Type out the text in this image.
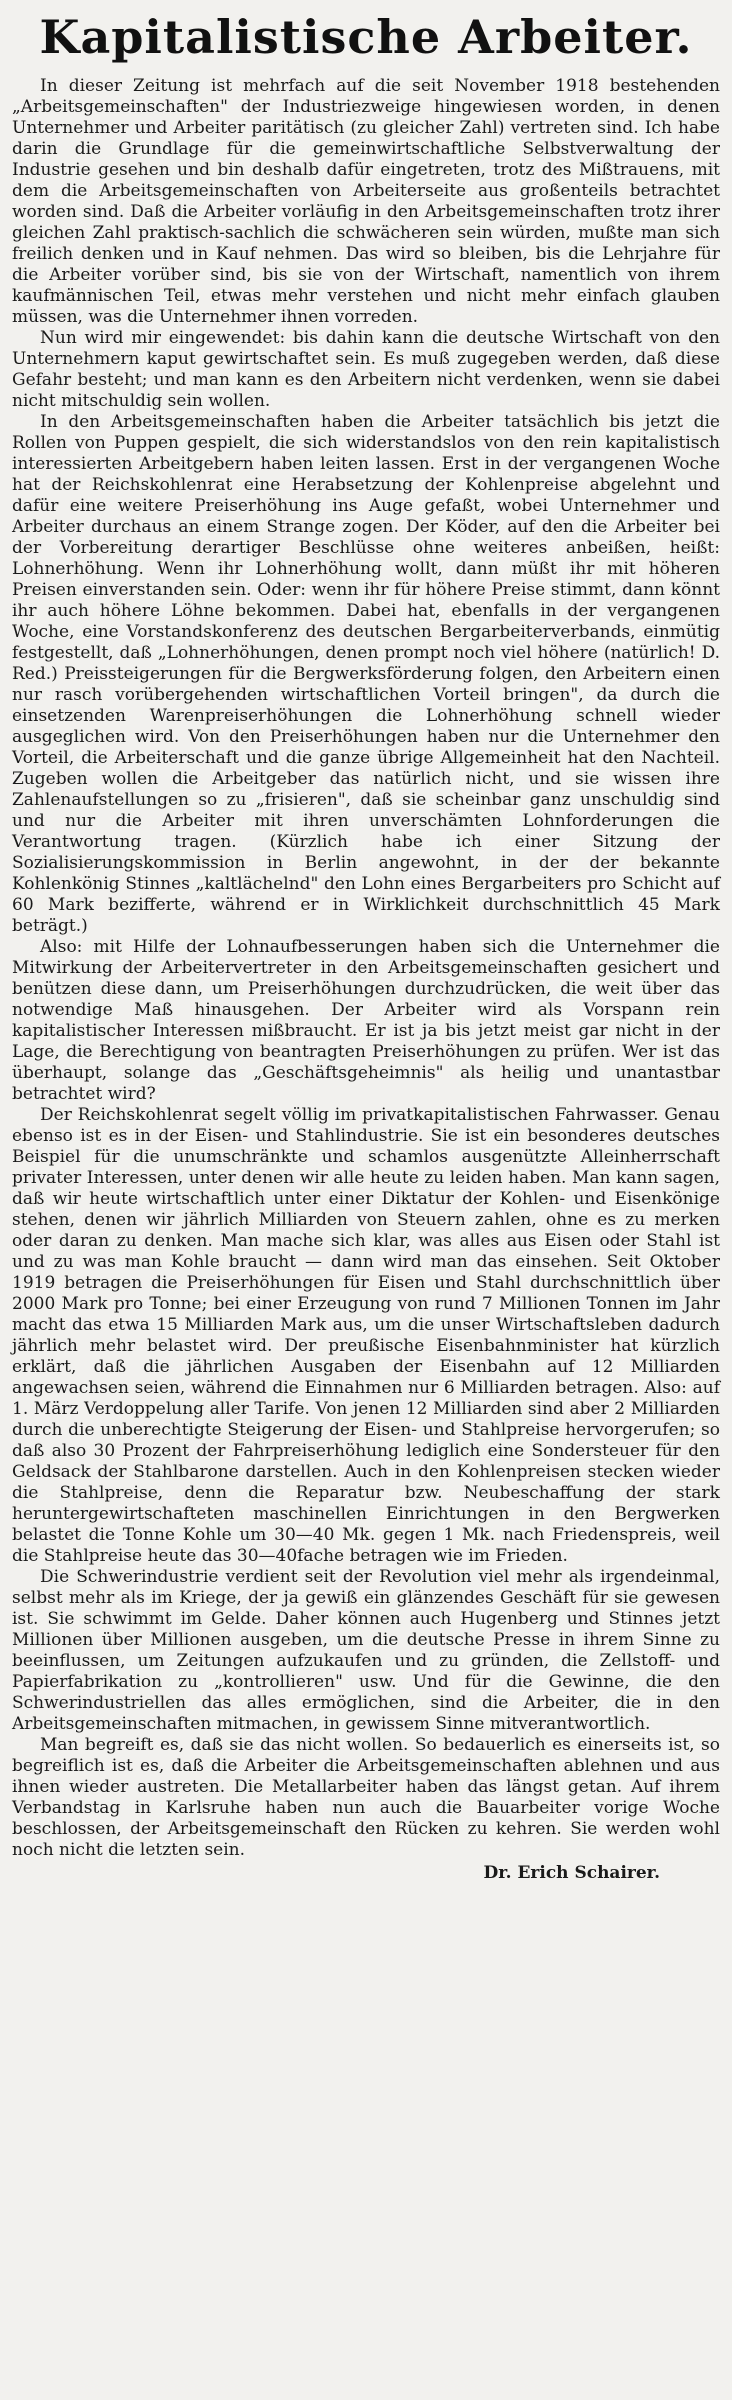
Kapitalistische Arbeiter.

In dieser Zeitung ist mehrfach auf die seit November 1918 bestehenden „Arbeitsgemeinschaften" der Industriezweige hingewiesen worden, in denen Unternehmer und Arbeiter paritätisch (zu gleicher Zahl) vertreten sind. Ich habe darin die Grundlage für die gemeinwirtschaftliche Selbstverwaltung der Industrie gesehen und bin deshalb dafür eingetreten, trotz des Mißtrauens, mit dem die Arbeitsgemeinschaften von Arbeiterseite aus großenteils betrachtet worden sind. Daß die Arbeiter vorläufig in den Arbeitsgemeinschaften trotz ihrer gleichen Zahl praktisch-sachlich die schwächeren sein würden, mußte man sich freilich denken und in Kauf nehmen. Das wird so bleiben, bis die Lehrjahre für die Arbeiter vorüber sind, bis sie von der Wirtschaft, namentlich von ihrem kaufmännischen Teil, etwas mehr verstehen und nicht mehr einfach glauben müssen, was die Unternehmer ihnen vorreden.

Nun wird mir eingewendet: bis dahin kann die deutsche Wirtschaft von den Unternehmern kaput gewirtschaftet sein. Es muß zugegeben werden, daß diese Gefahr besteht; und man kann es den Arbeitern nicht verdenken, wenn sie dabei nicht mitschuldig sein wollen.

In den Arbeitsgemeinschaften haben die Arbeiter tatsächlich bis jetzt die Rollen von Puppen gespielt, die sich widerstandslos von den rein kapitalistisch interessierten Arbeitgebern haben leiten lassen. Erst in der vergangenen Woche hat der Reichskohlenrat eine Herabsetzung der Kohlenpreise abgelehnt und dafür eine weitere Preiserhöhung ins Auge gefaßt, wobei Unternehmer und Arbeiter durchaus an einem Strange zogen. Der Köder, auf den die Arbeiter bei der Vorbereitung derartiger Beschlüsse ohne weiteres anbeißen, heißt: Lohnerhöhung. Wenn ihr Lohnerhöhung wollt, dann müßt ihr mit höheren Preisen einverstanden sein. Oder: wenn ihr für höhere Preise stimmt, dann könnt ihr auch höhere Löhne bekommen. Dabei hat, ebenfalls in der vergangenen Woche, eine Vorstandskonferenz des deutschen Bergarbeiterverbands, einmütig festgestellt, daß „Lohnerhöhungen, denen prompt noch viel höhere (natürlich! D. Red.) Preissteigerungen für die Bergwerksförderung folgen, den Arbeitern einen nur rasch vorübergehenden wirtschaftlichen Vorteil bringen", da durch die einsetzenden Warenpreiserhöhungen die Lohnerhöhung schnell wieder ausgeglichen wird. Von den Preiserhöhungen haben nur die Unternehmer den Vorteil, die Arbeiterschaft und die ganze übrige Allgemeinheit hat den Nachteil. Zugeben wollen die Arbeitgeber das natürlich nicht, und sie wissen ihre Zahlenaufstellungen so zu „frisieren", daß sie scheinbar ganz unschuldig sind und nur die Arbeiter mit ihren unverschämten Lohnforderungen die Verantwortung tragen. (Kürzlich habe ich einer Sitzung der Sozialisierungskommission in Berlin angewohnt, in der der bekannte Kohlenkönig Stinnes „kaltlächelnd" den Lohn eines Bergarbeiters pro Schicht auf 60 Mark bezifferte, während er in Wirklichkeit durchschnittlich 45 Mark beträgt.)

Also: mit Hilfe der Lohnaufbesserungen haben sich die Unternehmer die Mitwirkung der Arbeitervertreter in den Arbeitsgemeinschaften gesichert und benützen diese dann, um Preiserhöhungen durchzudrücken, die weit über das notwendige Maß hinausgehen. Der Arbeiter wird als Vorspann rein kapitalistischer Interessen mißbraucht. Er ist ja bis jetzt meist gar nicht in der Lage, die Berechtigung von beantragten Preiserhöhungen zu prüfen. Wer ist das überhaupt, solange das „Geschäftsgeheimnis" als heilig und unantastbar betrachtet wird?

Der Reichskohlenrat segelt völlig im privatkapitalistischen Fahrwasser. Genau ebenso ist es in der Eisen- und Stahlindustrie. Sie ist ein besonderes deutsches Beispiel für die unumschränkte und schamlos ausgenützte Alleinherrschaft privater Interessen, unter denen wir alle heute zu leiden haben. Man kann sagen, daß wir heute wirtschaftlich unter einer Diktatur der Kohlen- und Eisenkönige stehen, denen wir jährlich Milliarden von Steuern zahlen, ohne es zu merken oder daran zu denken. Man mache sich klar, was alles aus Eisen oder Stahl ist und zu was man Kohle braucht — dann wird man das einsehen. Seit Oktober 1919 betragen die Preiserhöhungen für Eisen und Stahl durchschnittlich über 2000 Mark pro Tonne; bei einer Erzeugung von rund 7 Millionen Tonnen im Jahr macht das etwa 15 Milliarden Mark aus, um die unser Wirtschaftsleben dadurch jährlich mehr belastet wird. Der preußische Eisenbahnminister hat kürzlich erklärt, daß die jährlichen Ausgaben der Eisenbahn auf 12 Milliarden angewachsen seien, während die Einnahmen nur 6 Milliarden betragen. Also: auf 1. März Verdoppelung aller Tarife. Von jenen 12 Milliarden sind aber 2 Milliarden durch die unberechtigte Steigerung der Eisen- und Stahlpreise hervorgerufen; so daß also 30 Prozent der Fahrpreiserhöhung lediglich eine Sondersteuer für den Geldsack der Stahlbarone darstellen. Auch in den Kohlenpreisen stecken wieder die Stahlpreise, denn die Reparatur bzw. Neubeschaffung der stark heruntergewirtschafteten maschinellen Einrichtungen in den Bergwerken belastet die Tonne Kohle um 30—40 Mk. gegen 1 Mk. nach Friedenspreis, weil die Stahlpreise heute das 30—40fache betragen wie im Frieden.

Die Schwerindustrie verdient seit der Revolution viel mehr als irgendeinmal, selbst mehr als im Kriege, der ja gewiß ein glänzendes Geschäft für sie gewesen ist. Sie schwimmt im Gelde. Daher können auch Hugenberg und Stinnes jetzt Millionen über Millionen ausgeben, um die deutsche Presse in ihrem Sinne zu beeinflussen, um Zeitungen aufzukaufen und zu gründen, die Zellstoff- und Papierfabrikation zu „kontrollieren" usw. Und für die Gewinne, die den Schwerindustriellen das alles ermöglichen, sind die Arbeiter, die in den Arbeitsgemeinschaften mitmachen, in gewissem Sinne mitverantwortlich.

Man begreift es, daß sie das nicht wollen. So bedauerlich es einerseits ist, so begreiflich ist es, daß die Arbeiter die Arbeitsgemeinschaften ablehnen und aus ihnen wieder austreten. Die Metallarbeiter haben das längst getan. Auf ihrem Verbandstag in Karlsruhe haben nun auch die Bauarbeiter vorige Woche beschlossen, der Arbeitsgemeinschaft den Rücken zu kehren. Sie werden wohl noch nicht die letzten sein.

Dr. Erich Schairer.
